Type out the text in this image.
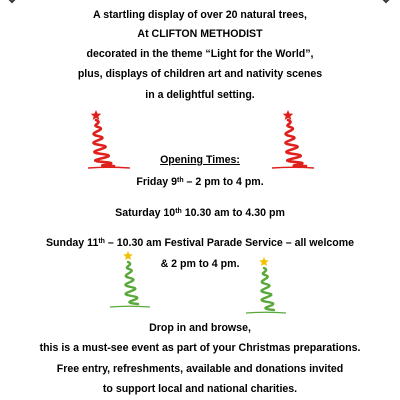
A startling display of over 20 natural trees,
At CLIFTON METHODIST
decorated in the theme “Light for the World”,
plus, displays of children art and nativity scenes
in a delightful setting.
Opening Times:
Friday 9th – 2 pm to 4 pm.
Saturday 10th 10.30 am to 4.30 pm
Sunday 11th – 10.30 am Festival Parade Service – all welcome
& 2 pm to 4 pm.
Drop in and browse,
this is a must-see event as part of your Christmas preparations.
Free entry, refreshments, available and donations invited
to support local and national charities.
